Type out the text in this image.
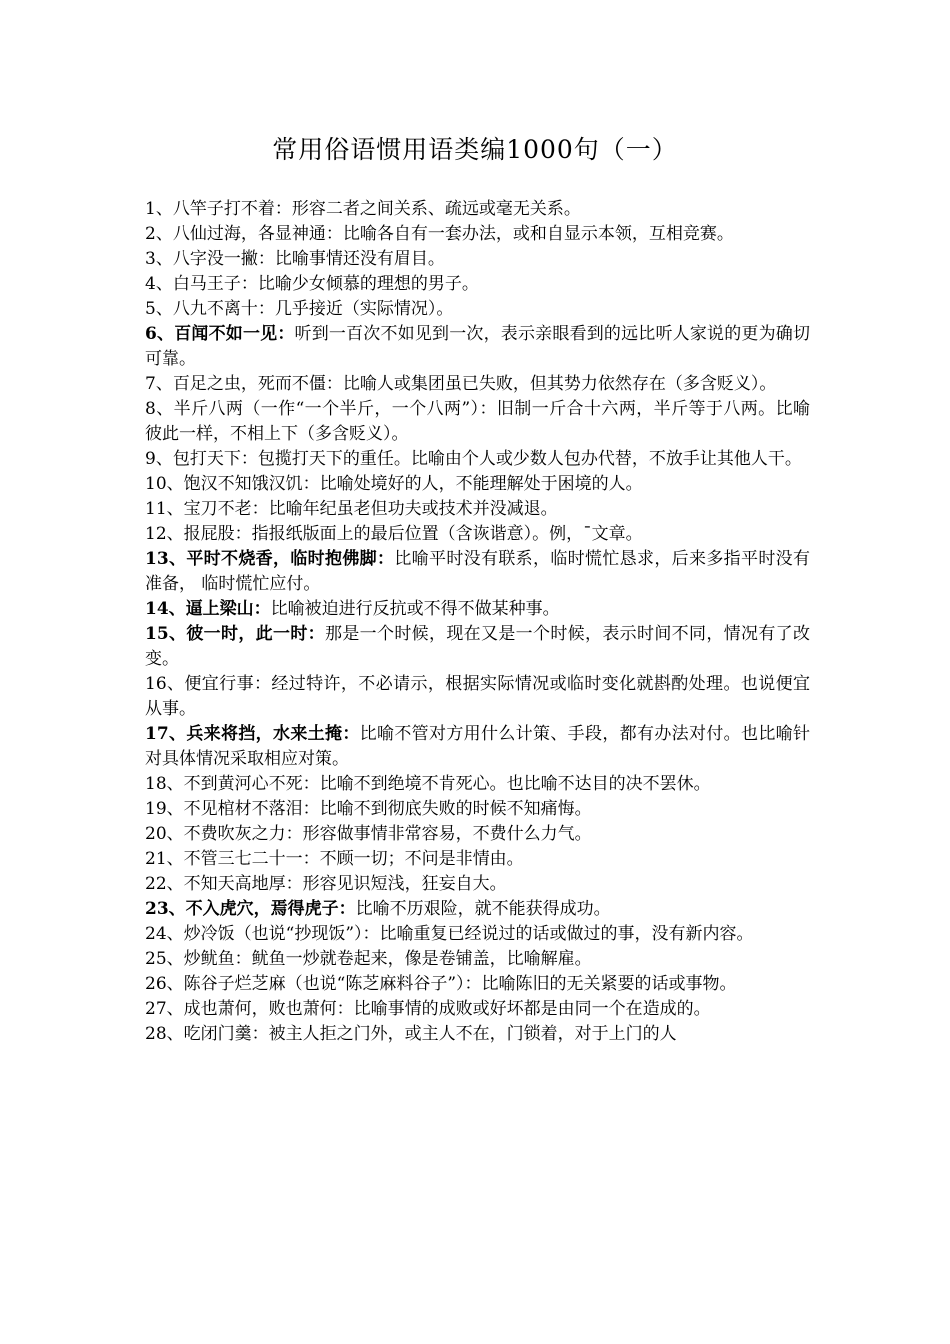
常用俗语惯用语类编1000句（一）
1、八竿子打不着：形容二者之间关系、疏远或毫无关系。
2、八仙过海，各显神通：比喻各自有一套办法，或和自显示本领，互相竞赛。
3、八字没一撇：比喻事情还没有眉目。
4、白马王子：比喻少女倾慕的理想的男子。
5、八九不离十：几乎接近（实际情况）。
6、百闻不如一见：听到一百次不如见到一次，表示亲眼看到的远比听人家说的更为确切可靠。
7、百足之虫，死而不僵：比喻人或集团虽已失败，但其势力依然存在（多含贬义）。
8、半斤八两（一作“一个半斤，一个八两”）：旧制一斤合十六两，半斤等于八两。比喻彼此一样，不相上下（多含贬义）。
9、包打天下：包揽打天下的重任。比喻由个人或少数人包办代替，不放手让其他人干。
10、饱汉不知饿汉饥：比喻处境好的人，不能理解处于困境的人。
11、宝刀不老：比喻年纪虽老但功夫或技术并没减退。
12、报屁股：指报纸版面上的最后位置（含诙谐意）。例，¯文章。
13、平时不烧香，临时抱佛脚：比喻平时没有联系，临时慌忙恳求，后来多指平时没有准备， 临时慌忙应付。
14、逼上梁山：比喻被迫进行反抗或不得不做某种事。
15、彼一时，此一时：那是一个时候，现在又是一个时候，表示时间不同，情况有了改变。
16、便宜行事：经过特许，不必请示，根据实际情况或临时变化就斟酌处理。也说便宜从事。
17、兵来将挡，水来土掩：比喻不管对方用什么计策、手段，都有办法对付。也比喻针对具体情况采取相应对策。
18、不到黄河心不死：比喻不到绝境不肯死心。也比喻不达目的决不罢休。
19、不见棺材不落泪：比喻不到彻底失败的时候不知痛悔。
20、不费吹灰之力：形容做事情非常容易，不费什么力气。
21、不管三七二十一：不顾一切；不问是非情由。
22、不知天高地厚：形容见识短浅，狂妄自大。
23、不入虎穴，焉得虎子：比喻不历艰险，就不能获得成功。
24、炒冷饭（也说“抄现饭”）：比喻重复已经说过的话或做过的事，没有新内容。
25、炒鱿鱼：鱿鱼一炒就卷起来，像是卷铺盖，比喻解雇。
26、陈谷子烂芝麻（也说“陈芝麻料谷子”）：比喻陈旧的无关紧要的话或事物。
27、成也萧何，败也萧何：比喻事情的成败或好坏都是由同一个在造成的。
28、吃闭门羹：被主人拒之门外，或主人不在，门锁着，对于上门的人
